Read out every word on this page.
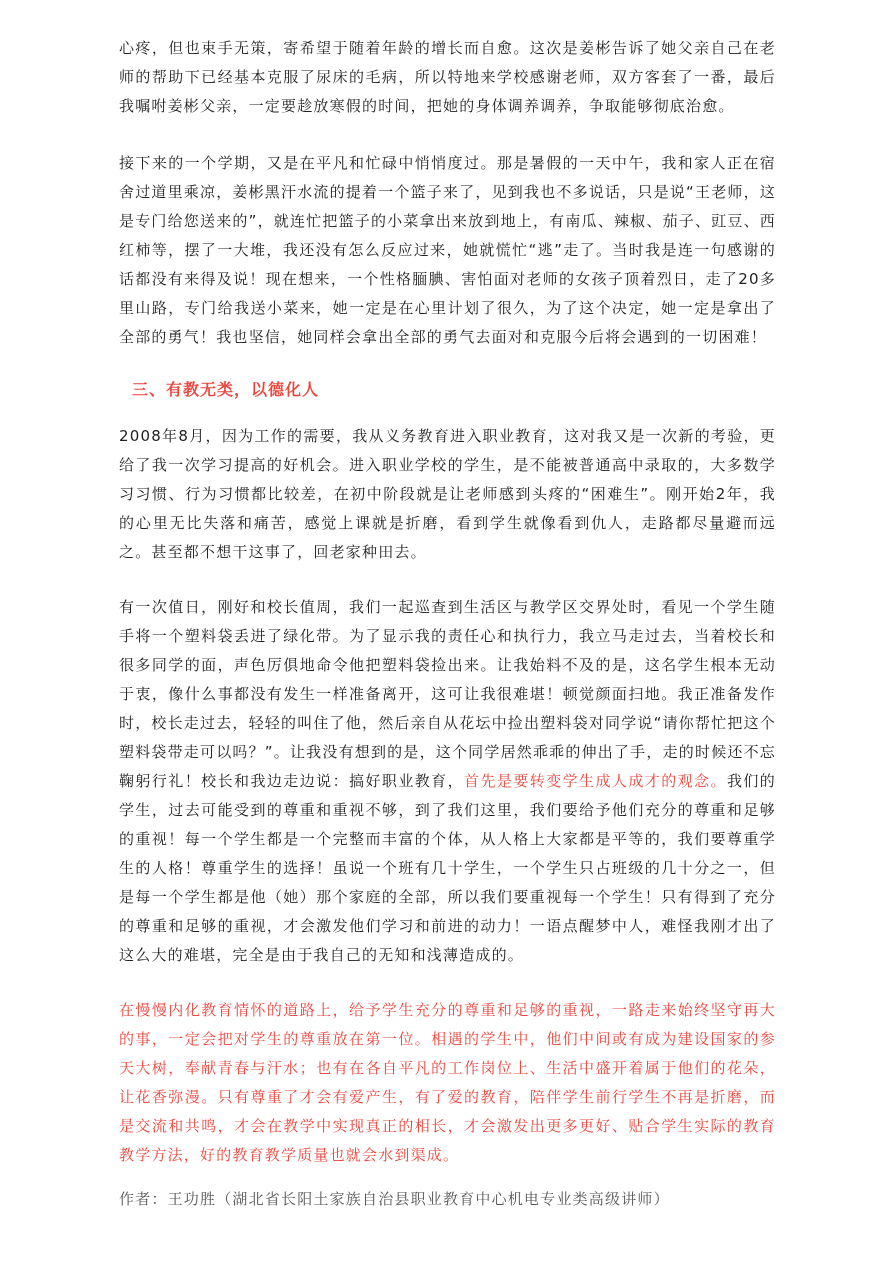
心疼，但也束手无策，寄希望于随着年龄的增长而自愈。这次是姜彬告诉了她父亲自己在老师的帮助下已经基本克服了尿床的毛病，所以特地来学校感谢老师，双方客套了一番，最后我嘱咐姜彬父亲，一定要趁放寒假的时间，把她的身体调养调养，争取能够彻底治愈。

接下来的一个学期，又是在平凡和忙碌中悄悄度过。那是暑假的一天中午，我和家人正在宿舍过道里乘凉，姜彬黑汗水流的提着一个篮子来了，见到我也不多说话，只是说“王老师，这是专门给您送来的”，就连忙把篮子的小菜拿出来放到地上，有南瓜、辣椒、茄子、豇豆、西红柿等，摆了一大堆，我还没有怎么反应过来，她就慌忙“逃”走了。当时我是连一句感谢的话都没有来得及说！现在想来，一个性格腼腆、害怕面对老师的女孩子顶着烈日，走了20多里山路，专门给我送小菜来，她一定是在心里计划了很久，为了这个决定，她一定是拿出了全部的勇气！我也坚信，她同样会拿出全部的勇气去面对和克服今后将会遇到的一切困难！

三、有教无类，以德化人

2008年8月，因为工作的需要，我从义务教育进入职业教育，这对我又是一次新的考验，更给了我一次学习提高的好机会。进入职业学校的学生，是不能被普通高中录取的，大多数学习习惯、行为习惯都比较差，在初中阶段就是让老师感到头疼的“困难生”。刚开始2年，我的心里无比失落和痛苦，感觉上课就是折磨，看到学生就像看到仇人，走路都尽量避而远之。甚至都不想干这事了，回老家种田去。

有一次值日，刚好和校长值周，我们一起巡查到生活区与教学区交界处时，看见一个学生随手将一个塑料袋丢进了绿化带。为了显示我的责任心和执行力，我立马走过去，当着校长和很多同学的面，声色厉俱地命令他把塑料袋捡出来。让我始料不及的是，这名学生根本无动于衷，像什么事都没有发生一样准备离开，这可让我很难堪！顿觉颜面扫地。我正准备发作时，校长走过去，轻轻的叫住了他，然后亲自从花坛中捡出塑料袋对同学说“请你帮忙把这个塑料袋带走可以吗？”。让我没有想到的是，这个同学居然乖乖的伸出了手，走的时候还不忘鞠躬行礼！校长和我边走边说：搞好职业教育，首先是要转变学生成人成才的观念。我们的学生，过去可能受到的尊重和重视不够，到了我们这里，我们要给予他们充分的尊重和足够的重视！每一个学生都是一个完整而丰富的个体，从人格上大家都是平等的，我们要尊重学生的人格！尊重学生的选择！虽说一个班有几十学生，一个学生只占班级的几十分之一，但是每一个学生都是他（她）那个家庭的全部，所以我们要重视每一个学生！只有得到了充分的尊重和足够的重视，才会激发他们学习和前进的动力！一语点醒梦中人，难怪我刚才出了这么大的难堪，完全是由于我自己的无知和浅薄造成的。

在慢慢内化教育情怀的道路上，给予学生充分的尊重和足够的重视，一路走来始终坚守再大的事，一定会把对学生的尊重放在第一位。相遇的学生中，他们中间或有成为建设国家的参天大树，奉献青春与汗水；也有在各自平凡的工作岗位上、生活中盛开着属于他们的花朵，让花香弥漫。只有尊重了才会有爱产生，有了爱的教育，陪伴学生前行学生不再是折磨，而是交流和共鸣，才会在教学中实现真正的相长，才会激发出更多更好、贴合学生实际的教育教学方法，好的教育教学质量也就会水到渠成。

作者：王功胜（湖北省长阳土家族自治县职业教育中心机电专业类高级讲师）
